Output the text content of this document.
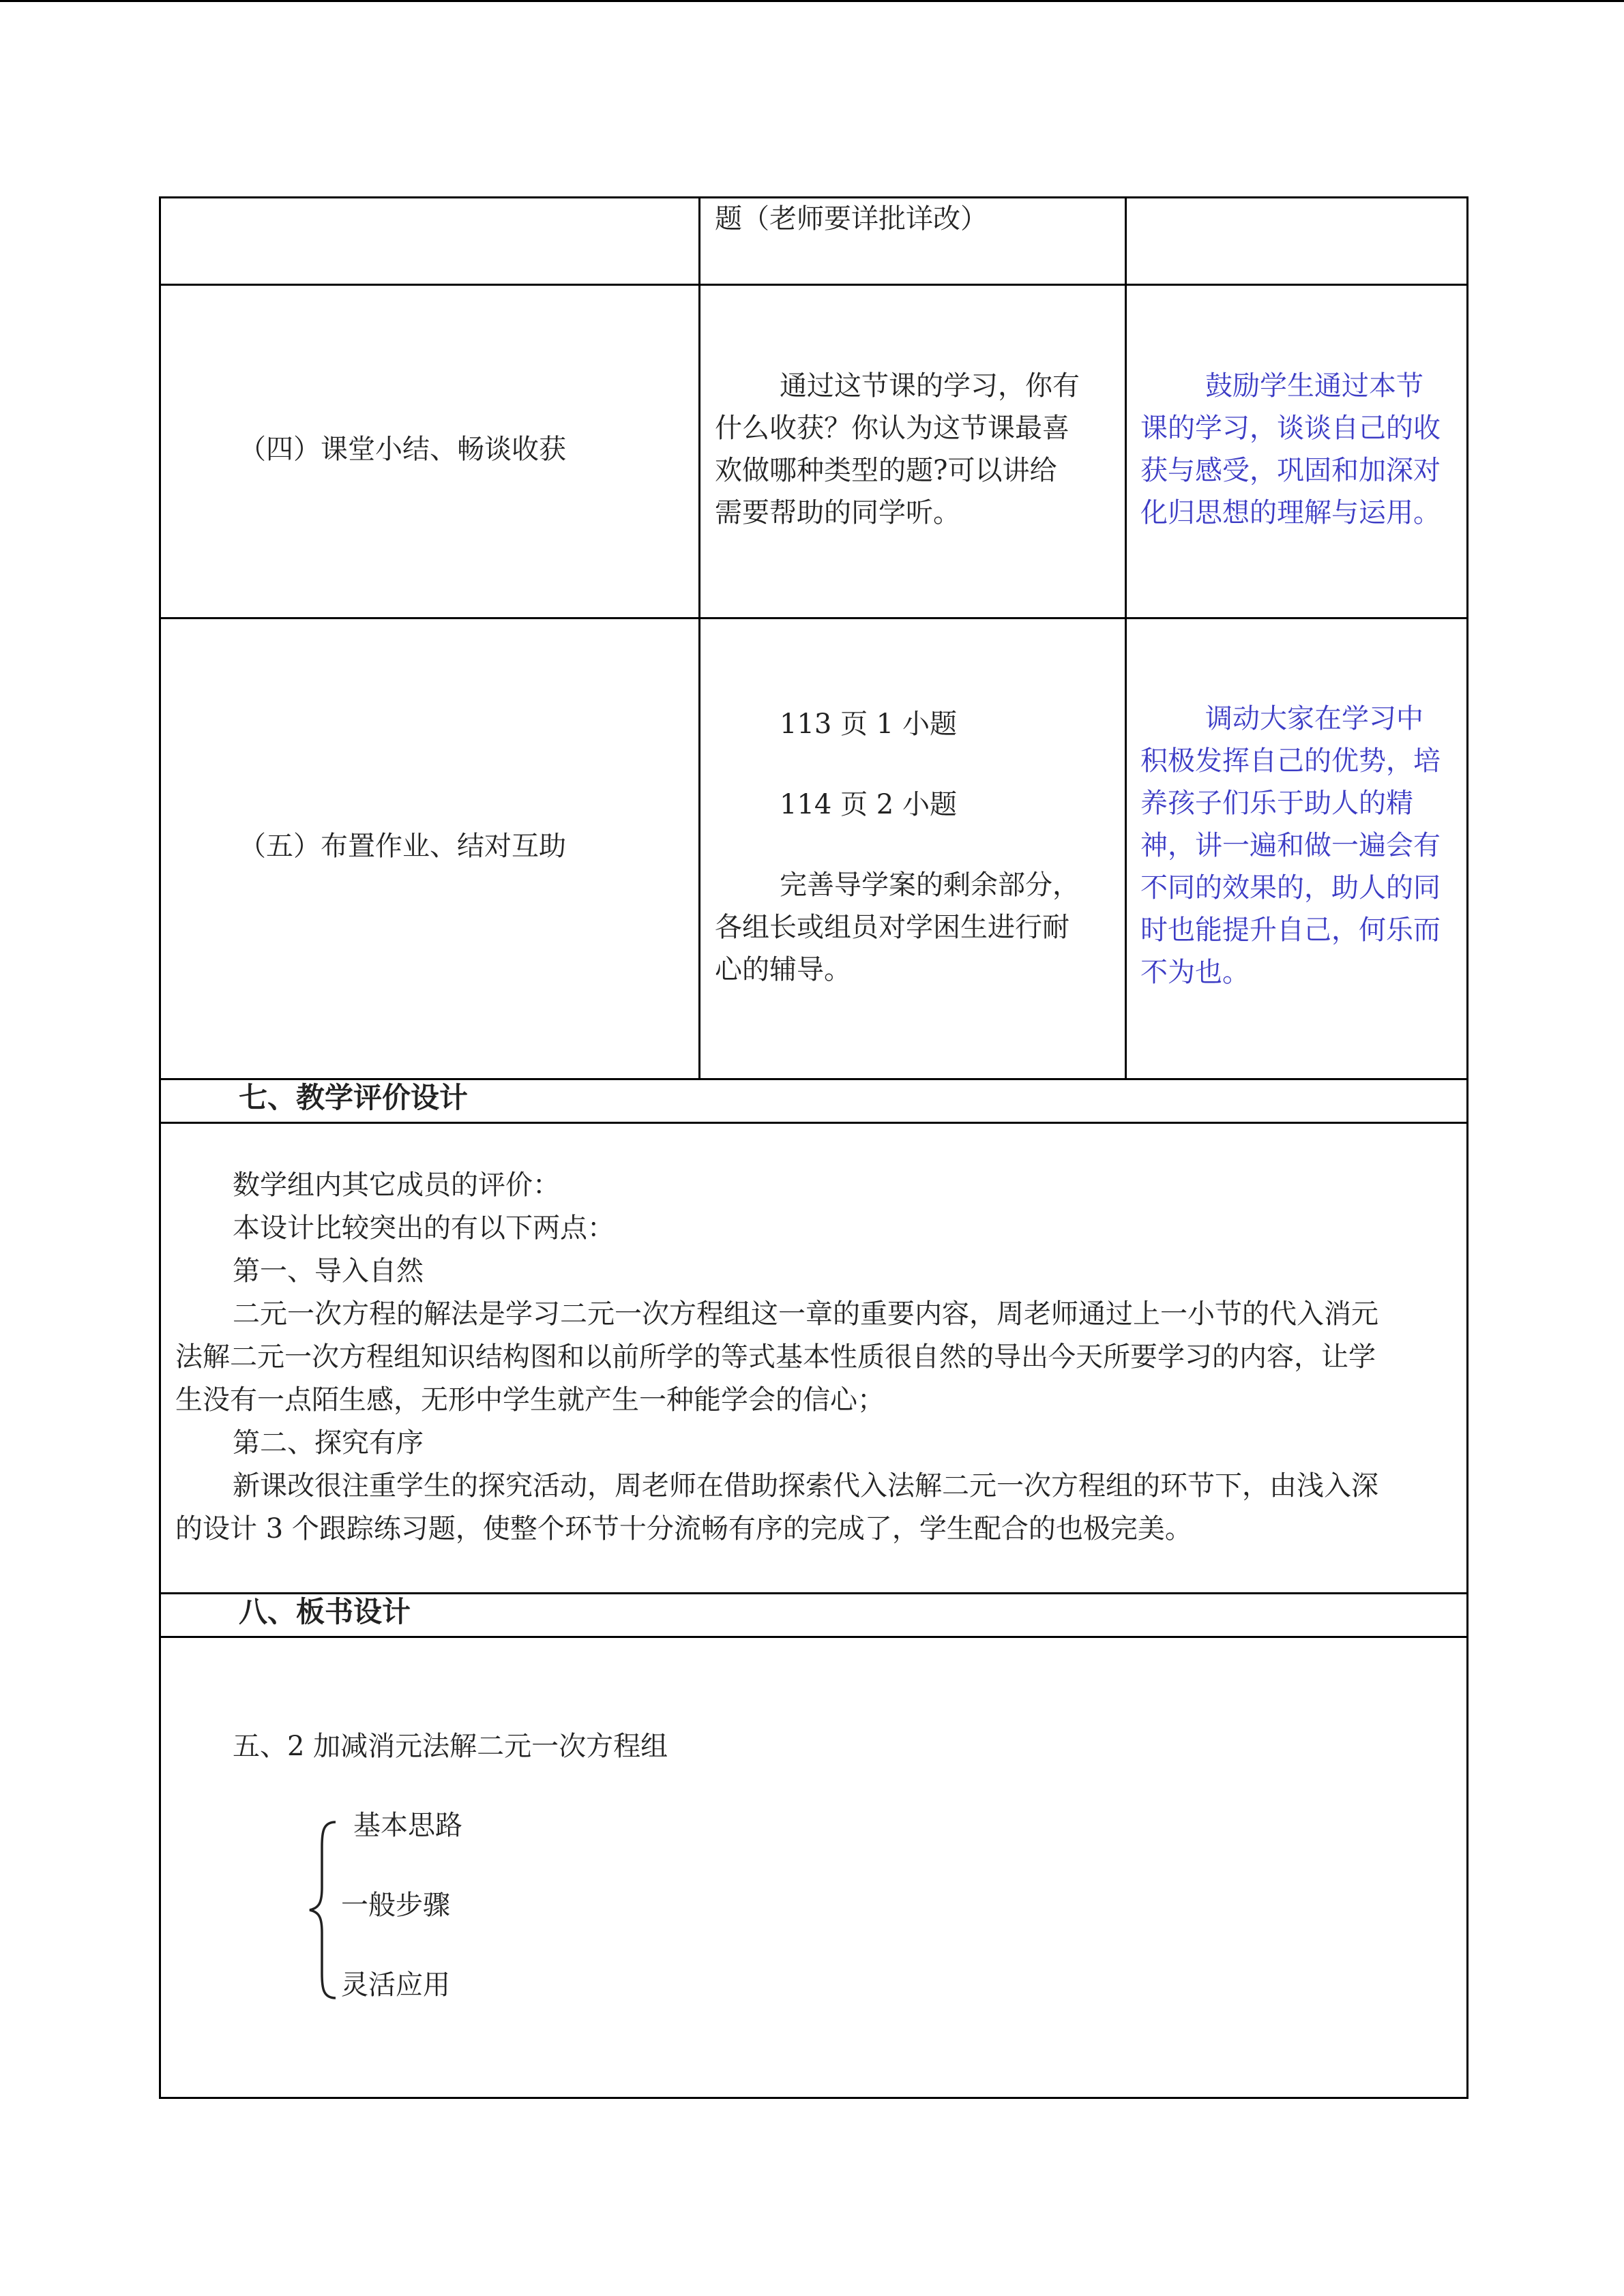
题（老师要详批详改）
（四）课堂小结、畅谈收获
通过这节课的学习，你有
什么收获？你认为这节课最喜
欢做哪种类型的题?可以讲给
需要帮助的同学听。
鼓励学生通过本节
课的学习，谈谈自己的收
获与感受，巩固和加深对
化归思想的理解与运用。
（五）布置作业、结对互助
113 页 1 小题
114 页 2 小题
完善导学案的剩余部分，
各组长或组员对学困生进行耐
心的辅导。
调动大家在学习中
积极发挥自己的优势，培
养孩子们乐于助人的精
神，讲一遍和做一遍会有
不同的效果的，助人的同
时也能提升自己，何乐而
不为也。
七、教学评价设计
数学组内其它成员的评价：
本设计比较突出的有以下两点：
第一、导入自然
二元一次方程的解法是学习二元一次方程组这一章的重要内容，周老师通过上一小节的代入消元
法解二元一次方程组知识结构图和以前所学的等式基本性质很自然的导出今天所要学习的内容，让学
生没有一点陌生感，无形中学生就产生一种能学会的信心；
第二、探究有序
新课改很注重学生的探究活动，周老师在借助探索代入法解二元一次方程组的环节下，由浅入深
的设计 3 个跟踪练习题，使整个环节十分流畅有序的完成了，学生配合的也极完美。
八、板书设计
五、2 加减消元法解二元一次方程组
基本思路
一般步骤
灵活应用
